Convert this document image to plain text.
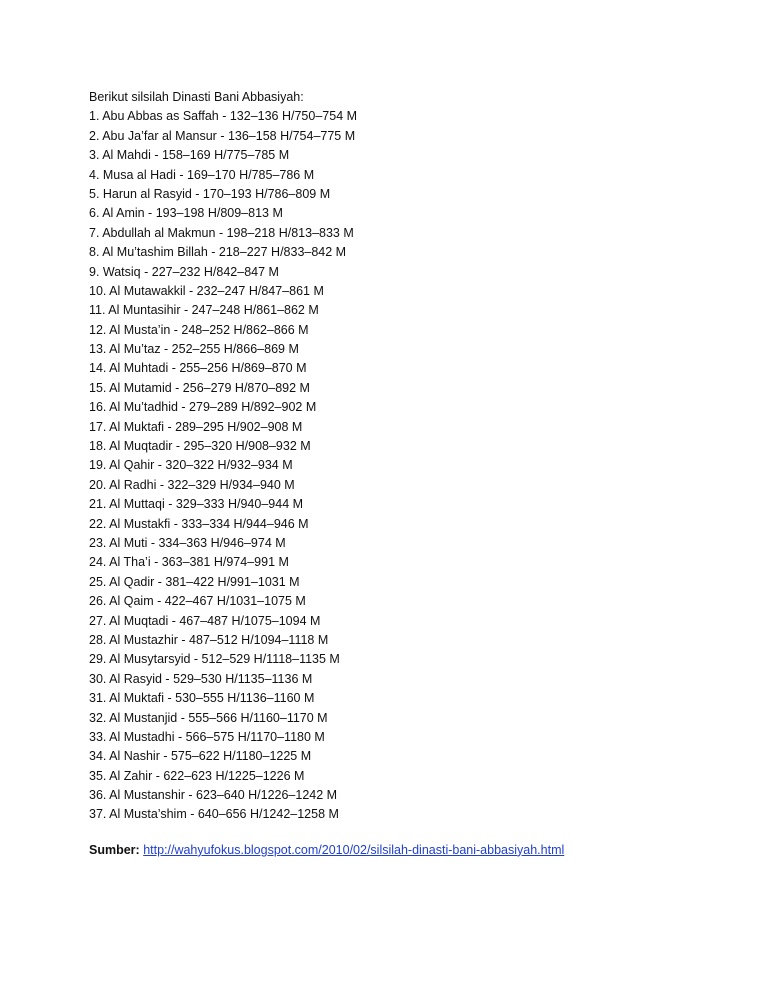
Berikut silsilah Dinasti Bani Abbasiyah:
1. Abu Abbas as Saffah - 132–136 H/750–754 M
2. Abu Ja’far al Mansur - 136–158 H/754–775 M
3. Al Mahdi - 158–169 H/775–785 M
4. Musa al Hadi - 169–170 H/785–786 M
5. Harun al Rasyid - 170–193 H/786–809 M
6. Al Amin - 193–198 H/809–813 M
7. Abdullah al Makmun - 198–218 H/813–833 M
8. Al Mu’tashim Billah - 218–227 H/833–842 M
9. Watsiq - 227–232 H/842–847 M
10. Al Mutawakkil - 232–247 H/847–861 M
11. Al Muntasihir - 247–248 H/861–862 M
12. Al Musta’in - 248–252 H/862–866 M
13. Al Mu’taz - 252–255 H/866–869 M
14. Al Muhtadi - 255–256 H/869–870 M
15. Al Mutamid - 256–279 H/870–892 M
16. Al Mu’tadhid - 279–289 H/892–902 M
17. Al Muktafi - 289–295 H/902–908 M
18. Al Muqtadir - 295–320 H/908–932 M
19. Al Qahir - 320–322 H/932–934 M
20. Al Radhi - 322–329 H/934–940 M
21. Al Muttaqi - 329–333 H/940–944 M
22. Al Mustakfi - 333–334 H/944–946 M
23. Al Muti - 334–363 H/946–974 M
24. Al Tha’i - 363–381 H/974–991 M
25. Al Qadir - 381–422 H/991–1031 M
26. Al Qaim - 422–467 H/1031–1075 M
27. Al Muqtadi - 467–487 H/1075–1094 M
28. Al Mustazhir - 487–512 H/1094–1118 M
29. Al Musytarsyid - 512–529 H/1118–1135 M
30. Al Rasyid - 529–530 H/1135–1136 M
31. Al Muktafi - 530–555 H/1136–1160 M
32. Al Mustanjid - 555–566 H/1160–1170 M
33. Al Mustadhi - 566–575 H/1170–1180 M
34. Al Nashir - 575–622 H/1180–1225 M
35. Al Zahir - 622–623 H/1225–1226 M
36. Al Mustanshir - 623–640 H/1226–1242 M
37. Al Musta’shim - 640–656 H/1242–1258 M
Sumber: http://wahyufokus.blogspot.com/2010/02/silsilah-dinasti-bani-abbasiyah.html
